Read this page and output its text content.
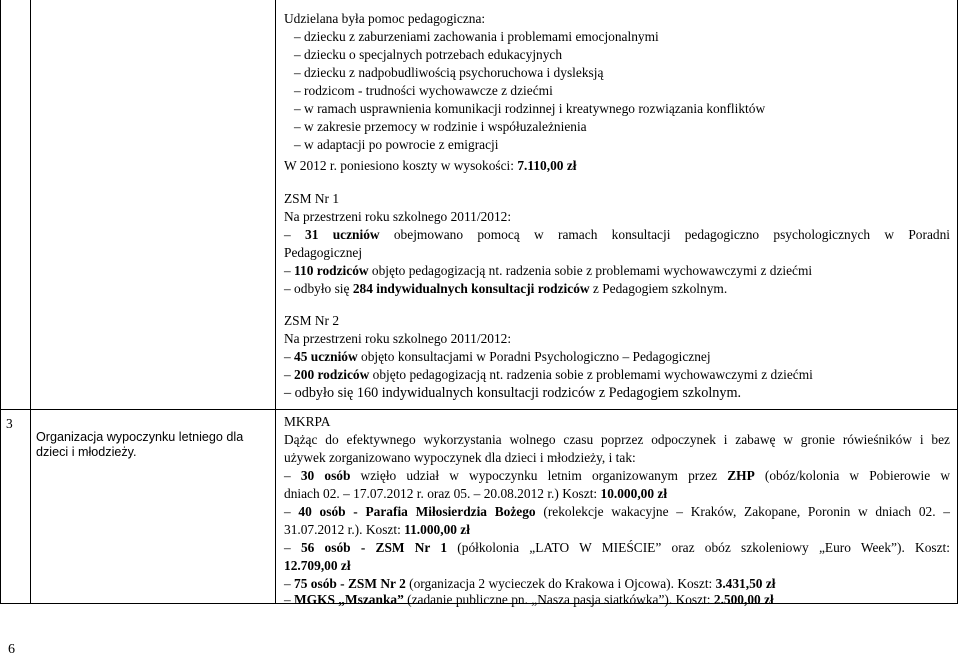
Udzielana była pomoc pedagogiczna:
– dziecku z zaburzeniami zachowania i problemami emocjonalnymi
– dziecku o specjalnych potrzebach edukacyjnych
– dziecku z nadpobudliwością psychoruchowa i dysleksją
– rodzicom - trudności wychowawcze z dziećmi
– w ramach usprawnienia komunikacji rodzinnej i kreatywnego rozwiązania konfliktów
– w zakresie przemocy w rodzinie i współuzależnienia
– w adaptacji po powrocie z emigracji
W 2012 r. poniesiono koszty w wysokości: 7.110,00 zł
ZSM Nr 1
Na przestrzeni roku szkolnego 2011/2012:
– 31 uczniów obejmowano pomocą w ramach konsultacji pedagogiczno psychologicznych w Poradni
Pedagogicznej
– 110 rodziców objęto pedagogizacją nt. radzenia sobie z problemami wychowawczymi z dziećmi
– odbyło się 284 indywidualnych konsultacji rodziców z Pedagogiem szkolnym.
ZSM Nr 2
Na przestrzeni roku szkolnego 2011/2012:
– 45 uczniów objęto konsultacjami w Poradni Psychologiczno – Pedagogicznej
– 200 rodziców objęto pedagogizacją nt. radzenia sobie z problemami wychowawczymi z dziećmi
– odbyło się 160 indywidualnych konsultacji rodziców z Pedagogiem szkolnym.
3
Organizacja wypoczynku letniego dla
dzieci i młodzieży.
MKRPA
Dążąc do efektywnego wykorzystania wolnego czasu poprzez odpoczynek i zabawę w gronie rówieśników i bez
używek zorganizowano wypoczynek dla dzieci i młodzieży, i tak:
– 30 osób wzięło udział w wypoczynku letnim organizowanym przez ZHP (obóz/kolonia w Pobierowie w
dniach 02. – 17.07.2012 r. oraz 05. – 20.08.2012 r.) Koszt: 10.000,00 zł
– 40 osób - Parafia Miłosierdzia Bożego (rekolekcje wakacyjne – Kraków, Zakopane, Poronin w dniach 02. –
31.07.2012 r.). Koszt: 11.000,00 zł
– 56 osób - ZSM Nr 1 (półkolonia „LATO W MIEŚCIE” oraz obóz szkoleniowy „Euro Week”). Koszt:
12.709,00 zł
– 75 osób - ZSM Nr 2 (organizacja 2 wycieczek do Krakowa i Ojcowa). Koszt: 3.431,50 zł
– MGKS „Mszanka” (zadanie publiczne pn. „Nasza pasja siatkówka”). Koszt: 2.500,00 zł
6
